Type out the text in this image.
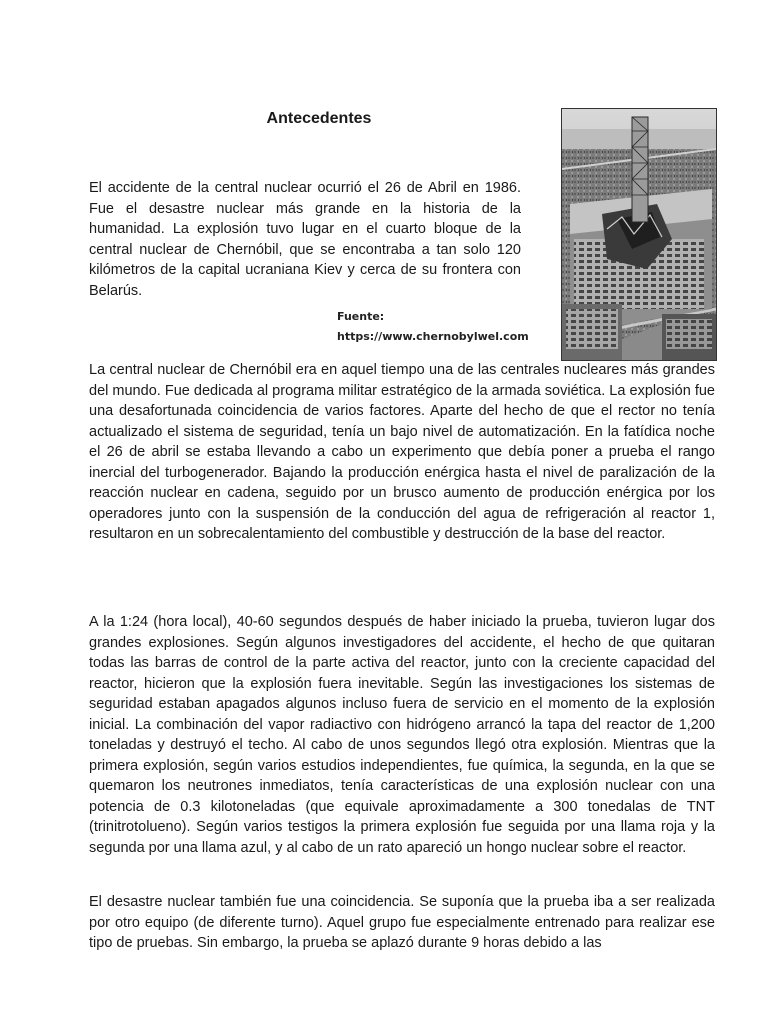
Antecedentes

El accidente de la central nuclear ocurrió el 26 de Abril en 1986. Fue el desastre nuclear más grande en la historia de la humanidad. La explosión tuvo lugar en el cuarto bloque de la central nuclear de Chernóbil, que se encontraba a tan solo 120 kilómetros de la capital ucraniana Kiev y cerca de su frontera con Belarús.

Fuente:
https://www.chernobylwel.com

La central nuclear de Chernóbil era en aquel tiempo una de las centrales nucleares más grandes del mundo. Fue dedicada al programa militar estratégico de la armada soviética. La explosión fue una desafortunada coincidencia de varios factores. Aparte del hecho de que el rector no tenía actualizado el sistema de seguridad, tenía un bajo nivel de automatización. En la fatídica noche el 26 de abril se estaba llevando a cabo un experimento que debía poner a prueba el rango inercial del turbogenerador. Bajando la producción enérgica hasta el nivel de paralización de la reacción nuclear en cadena, seguido por un brusco aumento de producción enérgica por los operadores junto con la suspensión de la conducción del agua de refrigeración al reactor 1, resultaron en un sobrecalentamiento del combustible y destrucción de la base del reactor.

A la 1:24 (hora local), 40-60 segundos después de haber iniciado la prueba, tuvieron lugar dos grandes explosiones. Según algunos investigadores del accidente, el hecho de que quitaran todas las barras de control de la parte activa del reactor, junto con la creciente capacidad del reactor, hicieron que la explosión fuera inevitable. Según las investigaciones los sistemas de seguridad estaban apagados algunos incluso fuera de servicio en el momento de la explosión inicial. La combinación del vapor radiactivo con hidrógeno arrancó la tapa del reactor de 1,200 toneladas y destruyó el techo. Al cabo de unos segundos llegó otra explosión. Mientras que la primera explosión, según varios estudios independientes, fue química, la segunda, en la que se quemaron los neutrones inmediatos, tenía características de una explosión nuclear con una potencia de 0.3 kilotoneladas (que equivale aproximadamente a 300 tonedalas de TNT (trinitrotolueno). Según varios testigos la primera explosión fue seguida por una llama roja y la segunda por una llama azul, y al cabo de un rato apareció un hongo nuclear sobre el reactor.

El desastre nuclear también fue una coincidencia. Se suponía que la prueba iba a ser realizada por otro equipo (de diferente turno). Aquel grupo fue especialmente entrenado para realizar ese tipo de pruebas. Sin embargo, la prueba se aplazó durante 9 horas debido a las
